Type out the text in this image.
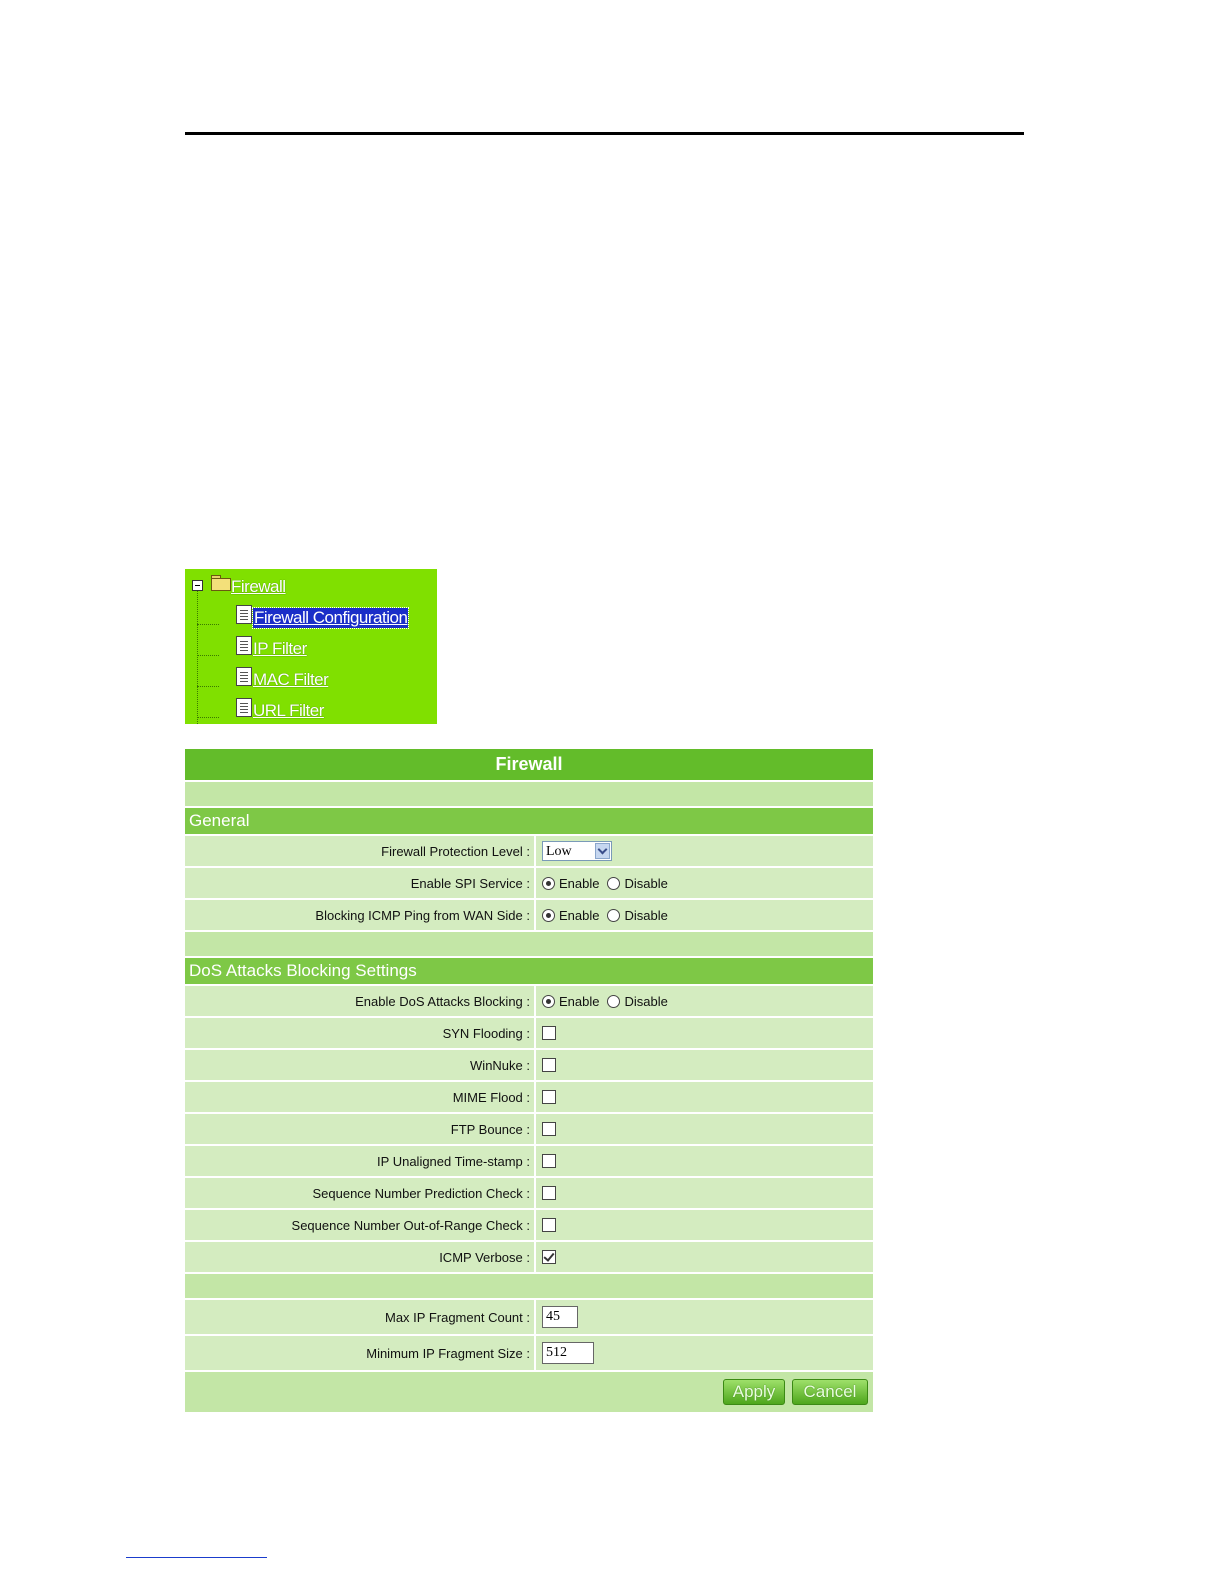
Firewall
Firewall Configuration
IP Filter
MAC Filter
URL Filter
Firewall
General
Firewall Protection Level : Low
Enable SPI Service :	Enable Disable
Blocking ICMP Ping from WAN Side :	Enable Disable
DoS Attacks Blocking Settings
Enable DoS Attacks Blocking :	Enable Disable
SYN Flooding :
WinNuke :
MIME Flood :
FTP Bounce :
IP Unaligned Time-stamp :
Sequence Number Prediction Check :
Sequence Number Out-of-Range Check :
ICMP Verbose :
Max IP Fragment Count : 45
Minimum IP Fragment Size : 512
Apply	Cancel
